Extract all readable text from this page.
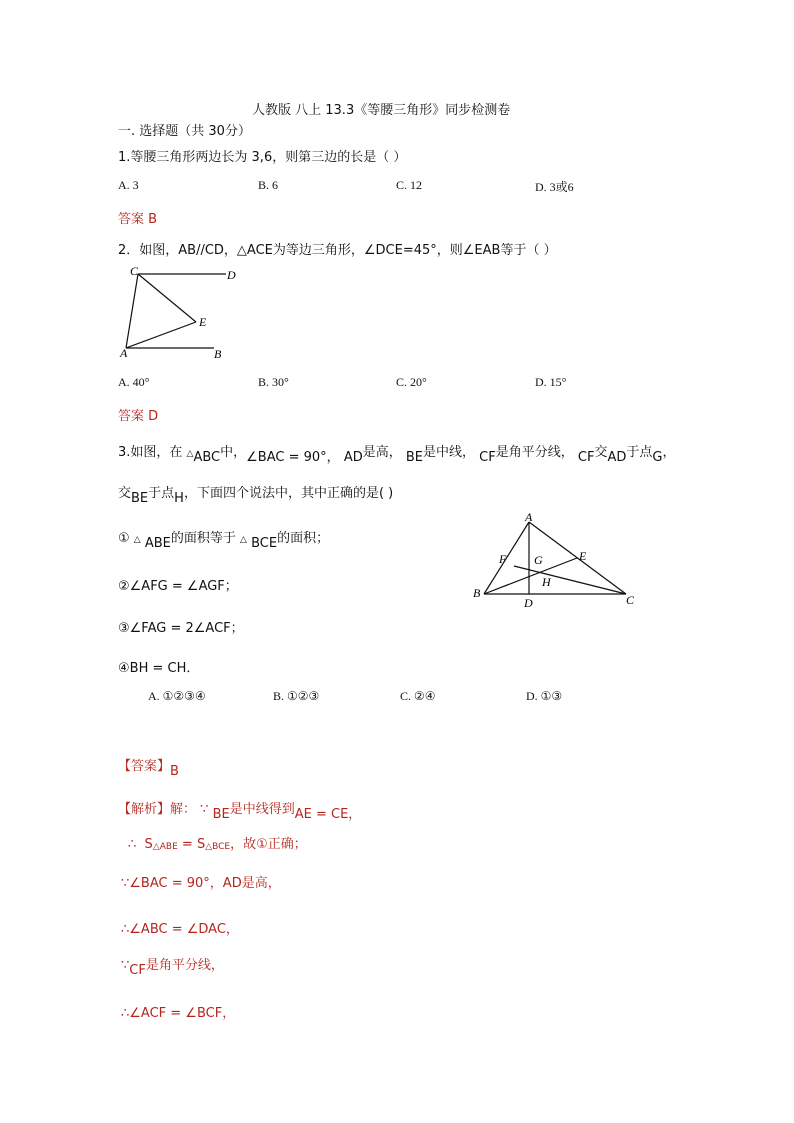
人教版 八上 13.3《等腰三角形》同步检测卷
一. 选择题（共 30分）
1.等腰三角形两边长为 3,6，则第三边的长是（ ）
A. 3	B. 6	C. 12	D. 3或6
答案 B
2．如图，AB//CD，△ACE为等边三角形，∠DCE=45°，则∠EAB等于（ ）
C	D
E
A	B
A. 40°	B. 30°	C. 20°	D. 15°
答案 D
3.如图，在 △ABC中，∠BAC = 90°， AD是高， BE是中线， CF是角平分线， CF交AD于点G，
交BE于点H，下面四个说法中，其中正确的是( )
① △ ABE的面积等于 △ BCE的面积；
②∠AFG = ∠AGF；
③∠FAG = 2∠ACF；
④BH = CH．
A
F G	E
H
B
D	C
A. ①②③④	B. ①②③	C. ②④	D. ①③
【答案】B
【解析】解： ∵ BE是中线得到AE = CE，
∴ S△ABE = S△BCE，故①正确；
∵∠BAC = 90°，AD是高，
∴∠ABC = ∠DAC，
∵CF是角平分线，
∴∠ACF = ∠BCF，
